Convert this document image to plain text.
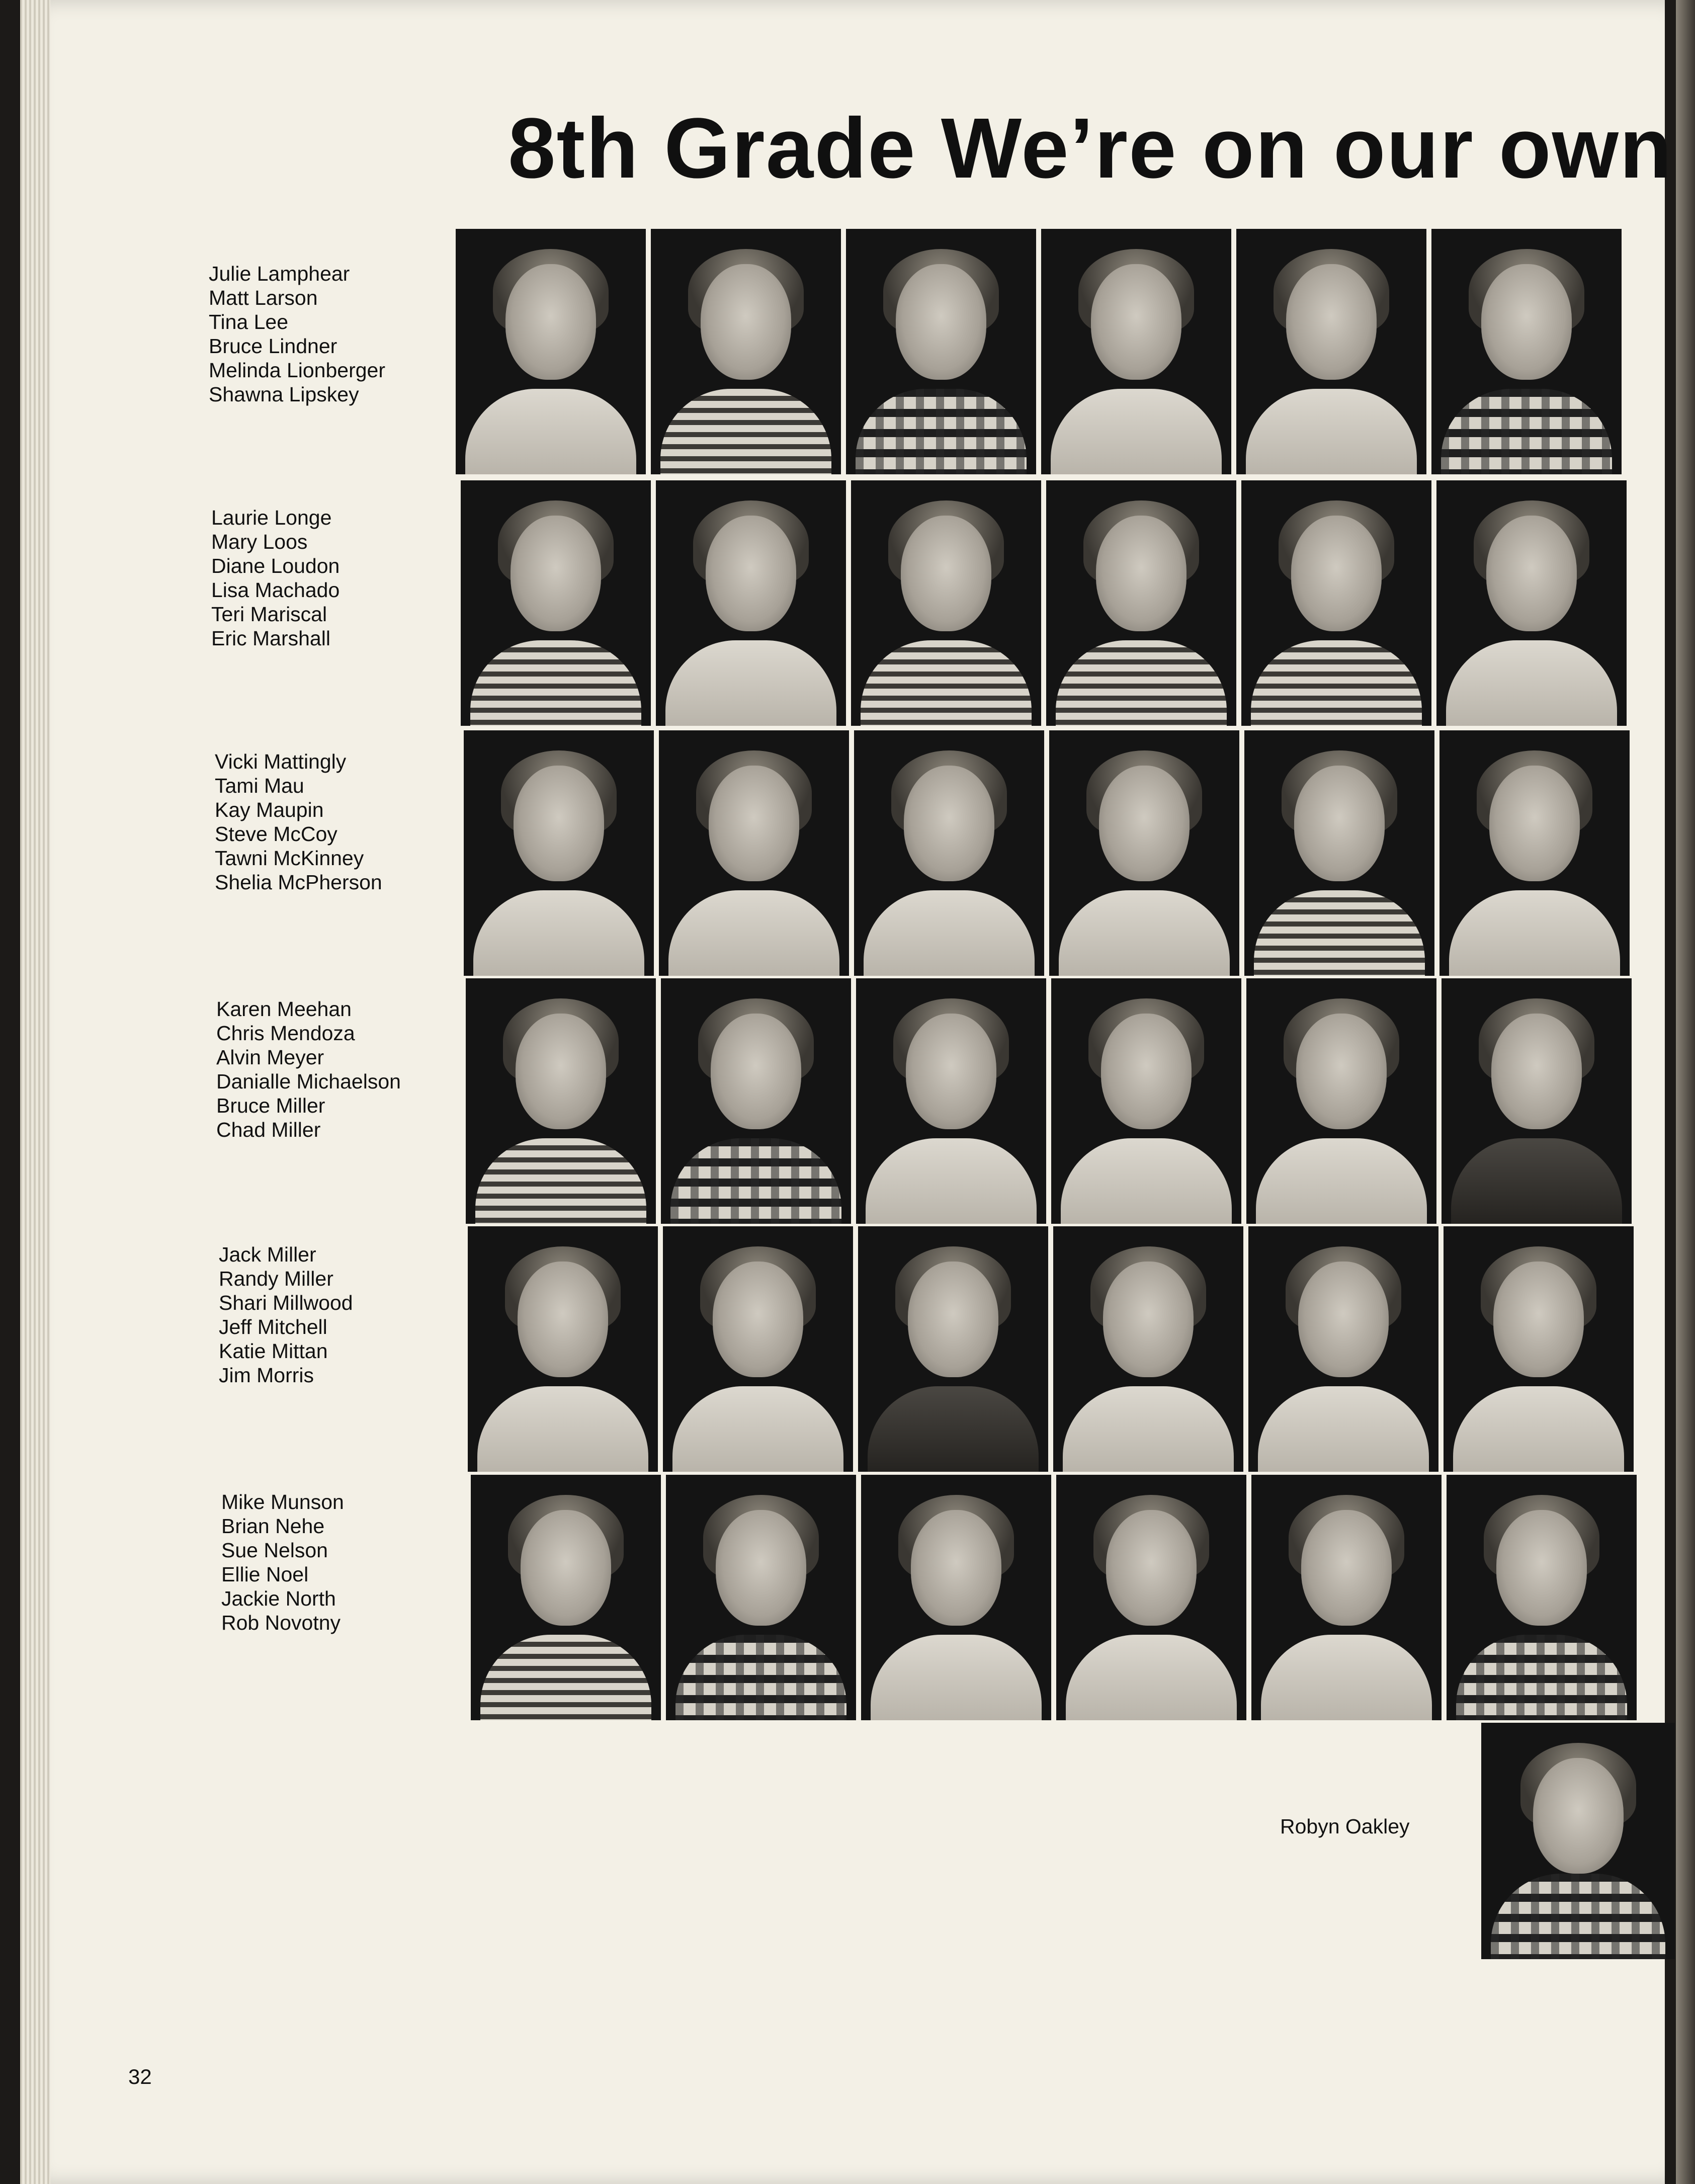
8th Grade We’re on our own
Julie Lamphear
Matt Larson
Tina Lee
Bruce Lindner
Melinda Lionberger
Shawna Lipskey
Laurie Longe
Mary Loos
Diane Loudon
Lisa Machado
Teri Mariscal
Eric Marshall
Vicki Mattingly
Tami Mau
Kay Maupin
Steve McCoy
Tawni McKinney
Shelia McPherson
Karen Meehan
Chris Mendoza
Alvin Meyer
Danialle Michaelson
Bruce Miller
Chad Miller
Jack Miller
Randy Miller
Shari Millwood
Jeff Mitchell
Katie Mittan
Jim Morris
Mike Munson
Brian Nehe
Sue Nelson
Ellie Noel
Jackie North
Rob Novotny
Robyn Oakley
32
